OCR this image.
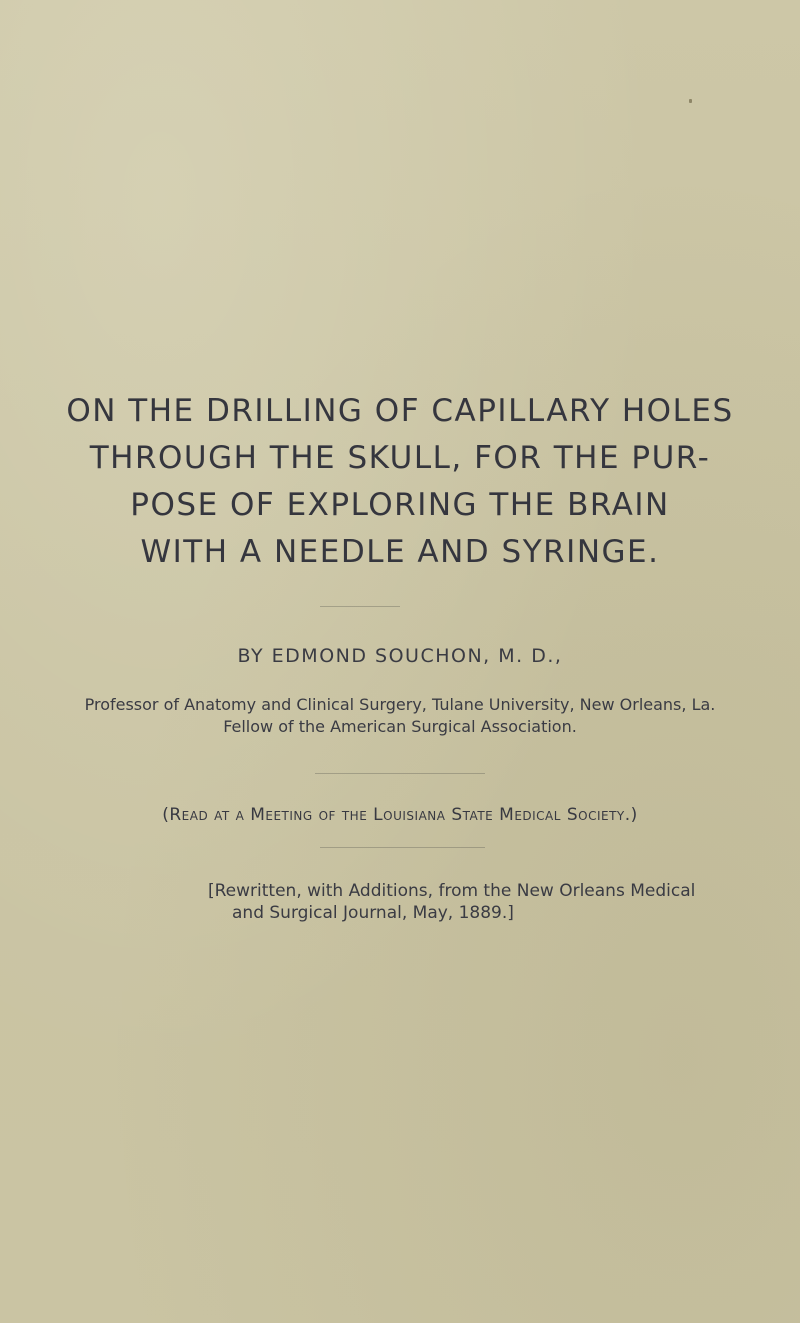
ON THE DRILLING OF CAPILLARY HOLES
THROUGH THE SKULL, FOR THE PUR-
POSE OF EXPLORING THE BRAIN
WITH A NEEDLE AND SYRINGE.
BY EDMOND SOUCHON, M. D.,
Professor of Anatomy and Clinical Surgery, Tulane University, New Orleans, La.
Fellow of the American Surgical Association.
(Read at a Meeting of the Louisiana State Medical Society.)
[Rewritten, with Additions, from the New Orleans Medical
and Surgical Journal, May, 1889.]
